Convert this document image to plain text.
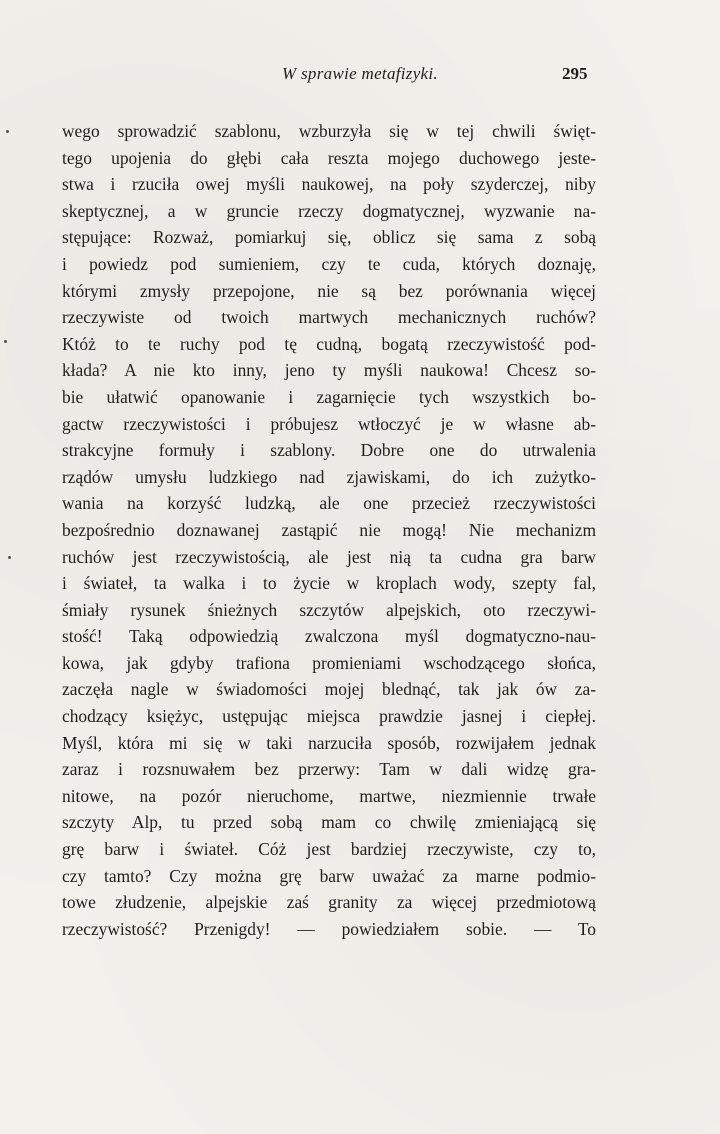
W sprawie metafizyki.	295
wego sprowadzić szablonu, wzburzyła się w tej chwili święt-
tego upojenia do głębi cała reszta mojego duchowego jeste-
stwa i rzuciła owej myśli naukowej, na poły szyderczej, niby
skeptycznej, a w gruncie rzeczy dogmatycznej, wyzwanie na-
stępujące: Rozważ, pomiarkuj się, oblicz się sama z sobą
i powiedz pod sumieniem, czy te cuda, których doznaję,
którymi zmysły przepojone, nie są bez porównania więcej
rzeczywiste od twoich martwych mechanicznych ruchów?
Któż to te ruchy pod tę cudną, bogatą rzeczywistość pod-
kłada? A nie kto inny, jeno ty myśli naukowa! Chcesz so-
bie ułatwić opanowanie i zagarnięcie tych wszystkich bo-
gactw rzeczywistości i próbujesz wtłoczyć je w własne ab-
strakcyjne formuły i szablony. Dobre one do utrwalenia
rządów umysłu ludzkiego nad zjawiskami, do ich zużytko-
wania na korzyść ludzką, ale one przecież rzeczywistości
bezpośrednio doznawanej zastąpić nie mogą! Nie mechanizm
ruchów jest rzeczywistością, ale jest nią ta cudna gra barw
i świateł, ta walka i to życie w kroplach wody, szepty fal,
śmiały rysunek śnieżnych szczytów alpejskich, oto rzeczywi-
stość! Taką odpowiedzią zwalczona myśl dogmatyczno-nau-
kowa, jak gdyby trafiona promieniami wschodzącego słońca,
zaczęła nagle w świadomości mojej blednąć, tak jak ów za-
chodzący księżyc, ustępując miejsca prawdzie jasnej i ciepłej.
Myśl, która mi się w taki narzuciła sposób, rozwijałem jednak
zaraz i rozsnuwałem bez przerwy: Tam w dali widzę gra-
nitowe, na pozór nieruchome, martwe, niezmiennie trwałe
szczyty Alp, tu przed sobą mam co chwilę zmieniającą się
grę barw i świateł. Cóż jest bardziej rzeczywiste, czy to,
czy tamto? Czy można grę barw uważać za marne podmio-
towe złudzenie, alpejskie zaś granity za więcej przedmiotową
rzeczywistość? Przenigdy! — powiedziałem sobie. — To
